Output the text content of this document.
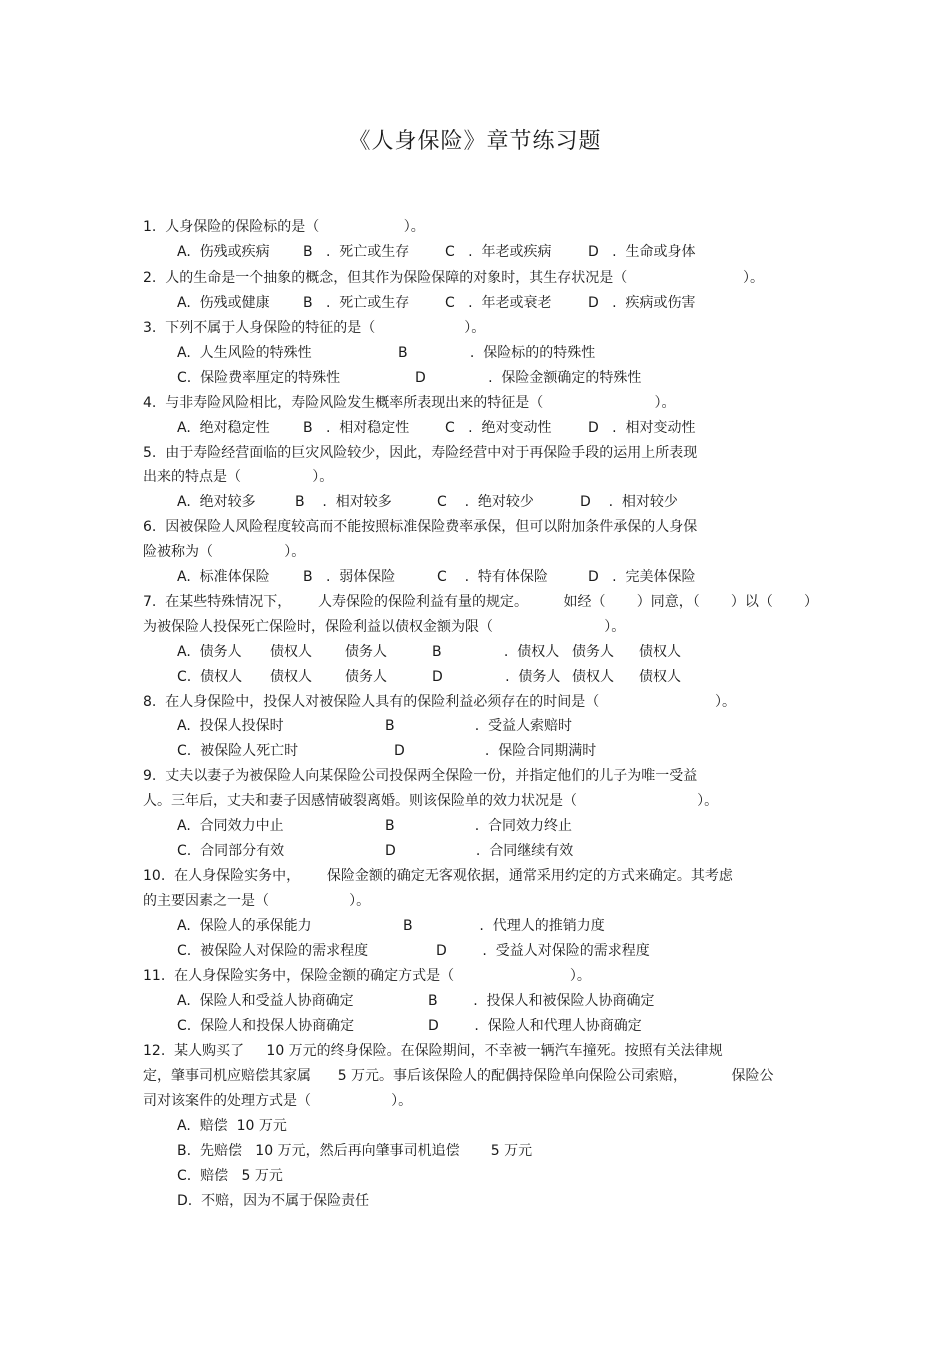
《人身保险》章节练习题
1.  人身保险的保险标的是（                   ）。
A.  伤残或疾病 B   .  死亡或生存	C   .  年老或疾病	D   .  生命或身体
2.  人的生命是一个抽象的概念，但其作为保险保障的对象时，其生存状况是（                          ）。
A.  伤残或健康 B   .  死亡或生存	C   .  年老或衰老	D   .  疾病或伤害
3.  下列不属于人身保险的特征的是（                    ）。
A.  人生风险的特殊性	B              .  保险标的的特殊性
C.  保险费率厘定的特殊性	D              .  保险金额确定的特殊性
4.  与非寿险风险相比，寿险风险发生概率所表现出来的特征是（                         ）。
A.  绝对稳定性 B   .  相对稳定性	C   .  绝对变动性	D   .  相对变动性
5.  由于寿险经营面临的巨灾风险较少，因此，寿险经营中对于再保险手段的运用上所表现
出来的特点是（                ）。
A.  绝对较多	B    .  相对较多	C    .  绝对较少	D    .  相对较少
6.  因被保险人风险程度较高而不能按照标准保险费率承保，但可以附加条件承保的人身保
险被称为（                ）。
A.  标准体保险 B   .  弱体保险	C    .  特有体保险	D   .  完美体保险
7.  在某些特殊情况下，      人寿保险的保险利益有量的规定。        如经（       ）同意，（       ）以（       ）
为被保险人投保死亡保险时，保险利益以债权金额为限（                         ）。
A.  债务人 债权人 债务人	B              .  债权人 债务人 债权人
C.  债权人 债权人 债务人	D              .  债务人 债权人 债权人
8.  在人身保险中，投保人对被保险人具有的保险利益必须存在的时间是（                          ）。
A.  投保人投保时	B                  .  受益人索赔时
C.  被保险人死亡时	D                  .  保险合同期满时
9.  丈夫以妻子为被保险人向某保险公司投保两全保险一份，并指定他们的儿子为唯一受益
人。三年后，丈夫和妻子因感情破裂离婚。则该保险单的效力状况是（                           ）。
A.  合同效力中止	B                  .  合同效力终止
C.  合同部分有效	D                  .  合同继续有效
10.  在人身保险实务中，      保险金额的确定无客观依据，通常采用约定的方式来确定。其考虑
的主要因素之一是（                  ）。
A.  保险人的承保能力	B               .  代理人的推销力度
C.  被保险人对保险的需求程度	D        .  受益人对保险的需求程度
11.  在人身保险实务中，保险金额的确定方式是（                          ）。
A.  保险人和受益人协商确定	B        .  投保人和被保险人协商确定
C.  保险人和投保人协商确定	D        .  保险人和代理人协商确定
12.  某人购买了     10 万元的终身保险。在保险期间，不幸被一辆汽车撞死。按照有关法律规
定，肇事司机应赔偿其家属      5 万元。事后该保险人的配偶持保险单向保险公司索赔，          保险公
司对该案件的处理方式是（                  ）。
A.  赔偿  10 万元
B.  先赔偿   10 万元，然后再向肇事司机追偿       5 万元
C.  赔偿   5 万元
D.  不赔，因为不属于保险责任
